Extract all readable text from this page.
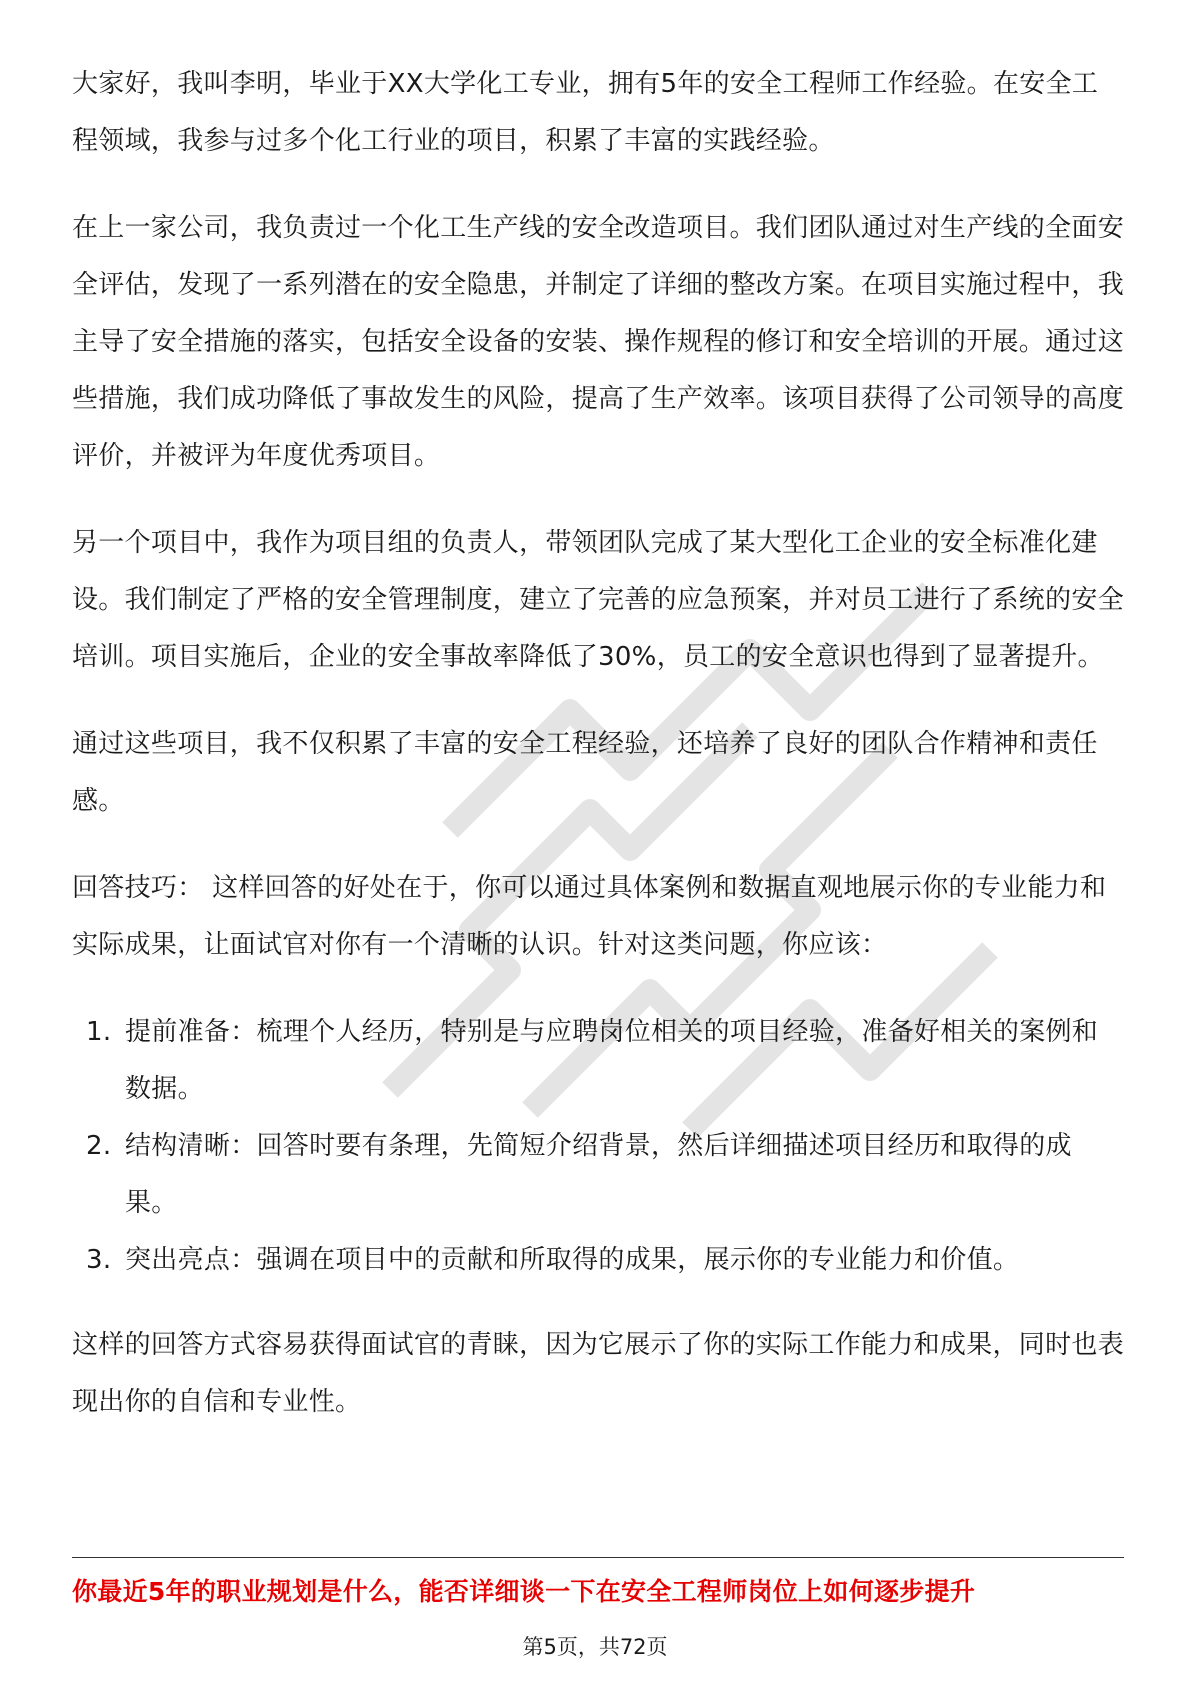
大家好，我叫李明，毕业于XX大学化工专业，拥有5年的安全工程师工作经验。在安全工程领域，我参与过多个化工行业的项目，积累了丰富的实践经验。

在上一家公司，我负责过一个化工生产线的安全改造项目。我们团队通过对生产线的全面安全评估，发现了一系列潜在的安全隐患，并制定了详细的整改方案。在项目实施过程中，我主导了安全措施的落实，包括安全设备的安装、操作规程的修订和安全培训的开展。通过这些措施，我们成功降低了事故发生的风险，提高了生产效率。该项目获得了公司领导的高度评价，并被评为年度优秀项目。

另一个项目中，我作为项目组的负责人，带领团队完成了某大型化工企业的安全标准化建设。我们制定了严格的安全管理制度，建立了完善的应急预案，并对员工进行了系统的安全培训。项目实施后，企业的安全事故率降低了30%，员工的安全意识也得到了显著提升。

通过这些项目，我不仅积累了丰富的安全工程经验，还培养了良好的团队合作精神和责任感。

回答技巧： 这样回答的好处在于，你可以通过具体案例和数据直观地展示你的专业能力和实际成果，让面试官对你有一个清晰的认识。针对这类问题，你应该：

1. 提前准备：梳理个人经历，特别是与应聘岗位相关的项目经验，准备好相关的案例和数据。
2. 结构清晰：回答时要有条理，先简短介绍背景，然后详细描述项目经历和取得的成果。
3. 突出亮点：强调在项目中的贡献和所取得的成果，展示你的专业能力和价值。

这样的回答方式容易获得面试官的青睐，因为它展示了你的实际工作能力和成果，同时也表现出你的自信和专业性。

你最近5年的职业规划是什么，能否详细谈一下在安全工程师岗位上如何逐步提升
第5页，共72页
